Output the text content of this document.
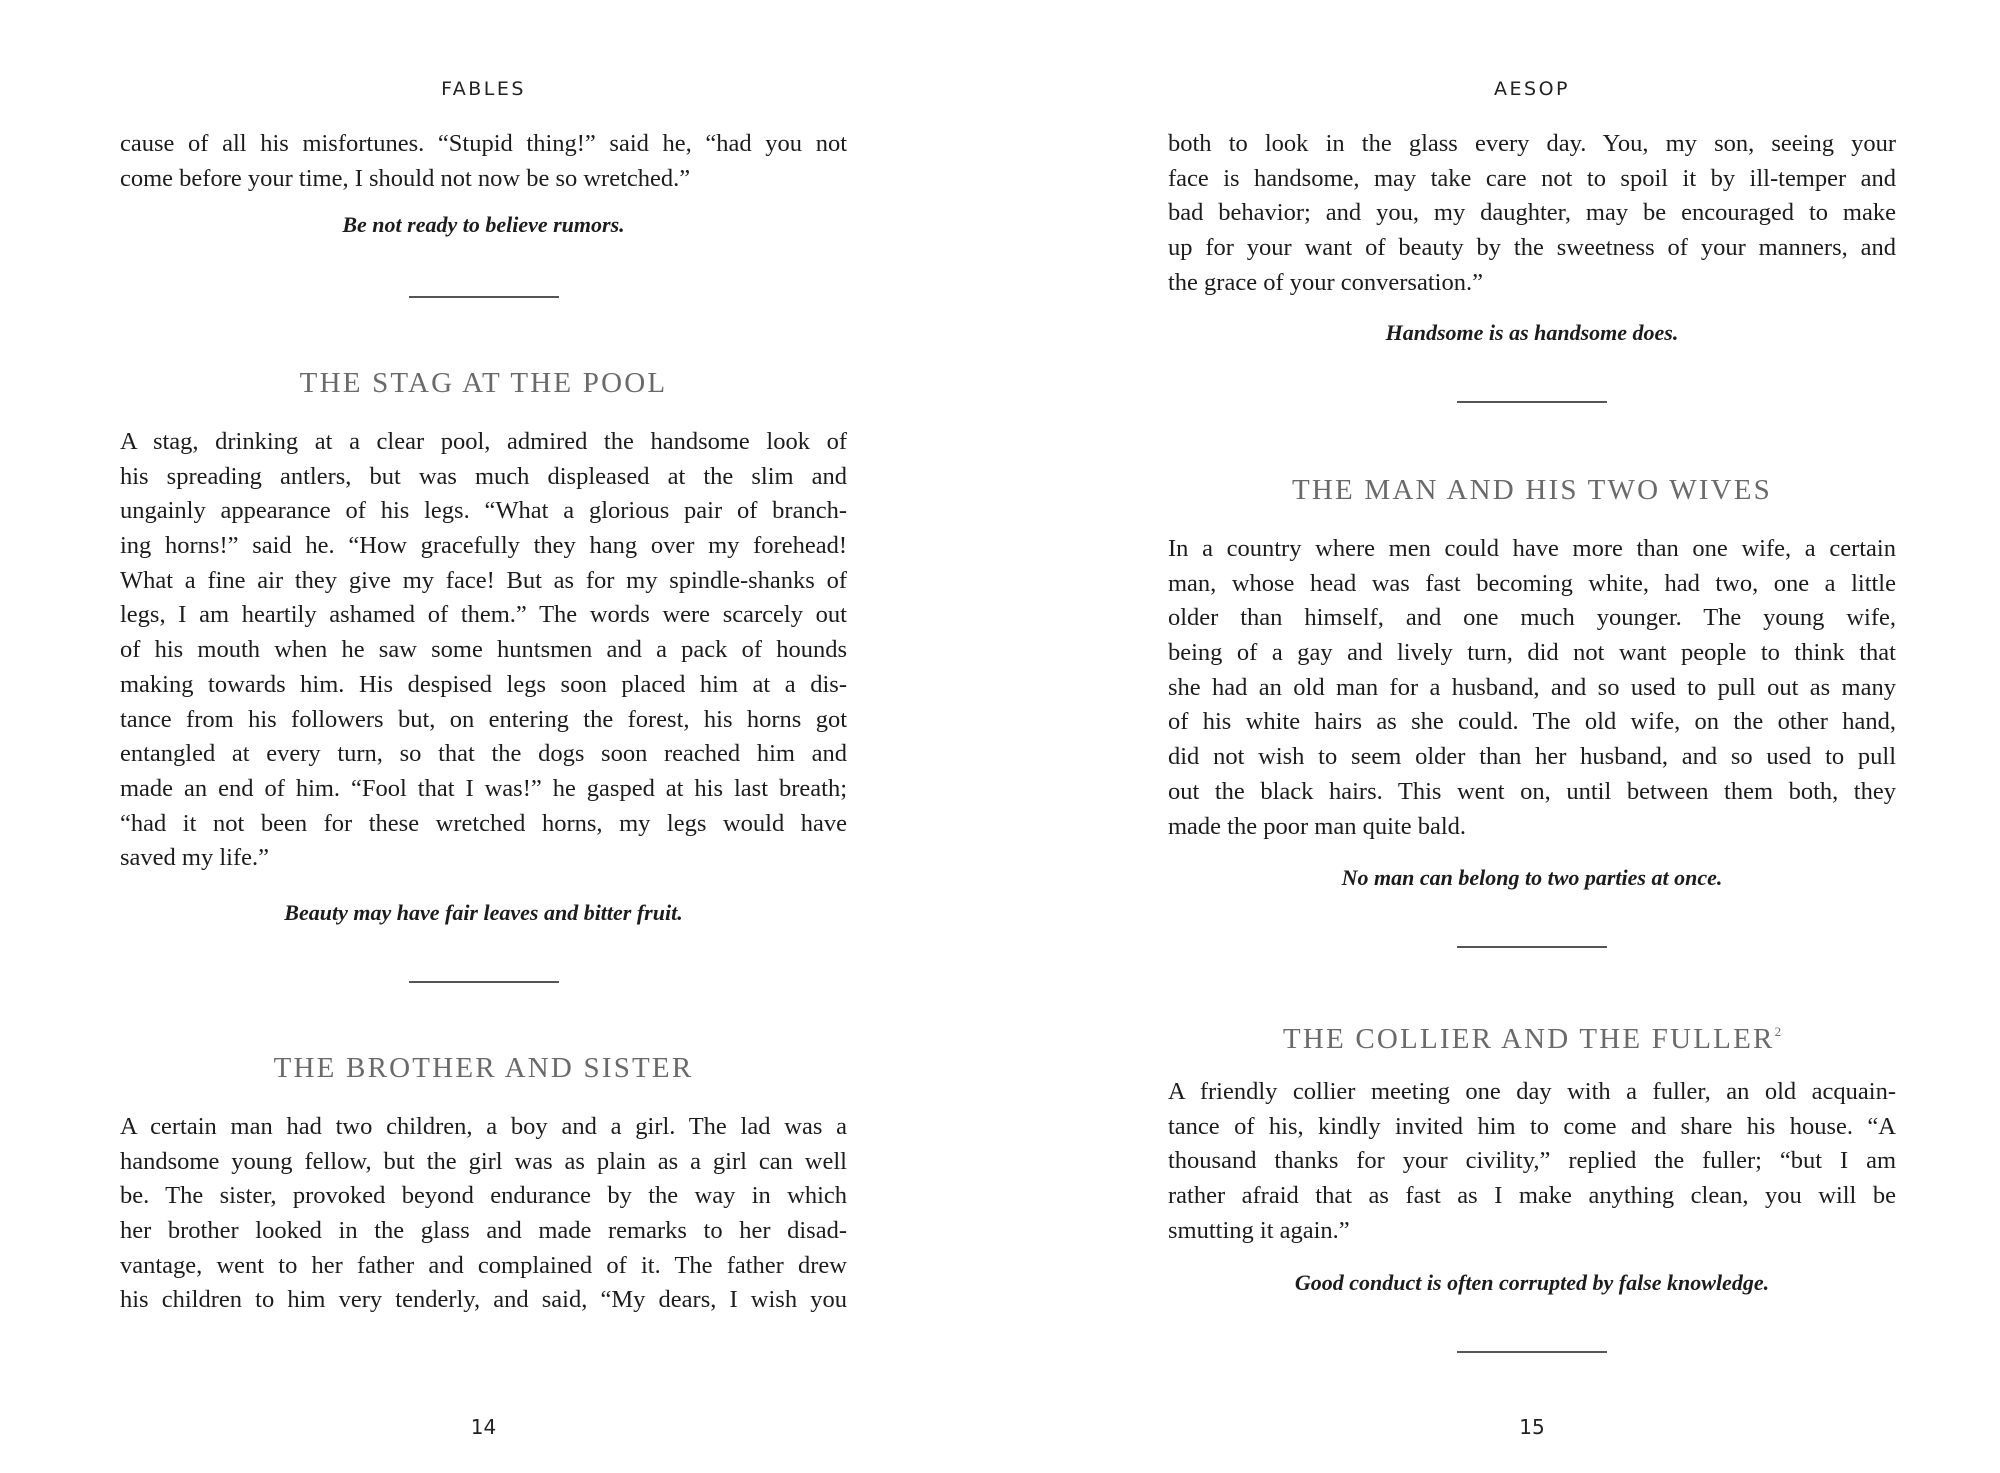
FABLES
cause of all his misfortunes. “Stupid thing!” said he, “had you not
come before your time, I should not now be so wretched.”
Be not ready to believe rumors.
THE STAG AT THE POOL
A stag, drinking at a clear pool, admired the handsome look of
his spreading antlers, but was much displeased at the slim and
ungainly appearance of his legs. “What a glorious pair of branch-
ing horns!” said he. “How gracefully they hang over my forehead!
What a fine air they give my face! But as for my spindle-shanks of
legs, I am heartily ashamed of them.” The words were scarcely out
of his mouth when he saw some huntsmen and a pack of hounds
making towards him. His despised legs soon placed him at a dis-
tance from his followers but, on entering the forest, his horns got
entangled at every turn, so that the dogs soon reached him and
made an end of him. “Fool that I was!” he gasped at his last breath;
“had it not been for these wretched horns, my legs would have
saved my life.”
Beauty may have fair leaves and bitter fruit.
THE BROTHER AND SISTER
A certain man had two children, a boy and a girl. The lad was a
handsome young fellow, but the girl was as plain as a girl can well
be. The sister, provoked beyond endurance by the way in which
her brother looked in the glass and made remarks to her disad-
vantage, went to her father and complained of it. The father drew
his children to him very tenderly, and said, “My dears, I wish you
14
AESOP
both to look in the glass every day. You, my son, seeing your
face is handsome, may take care not to spoil it by ill-temper and
bad behavior; and you, my daughter, may be encouraged to make
up for your want of beauty by the sweetness of your manners, and
the grace of your conversation.”
Handsome is as handsome does.
THE MAN AND HIS TWO WIVES
In a country where men could have more than one wife, a certain
man, whose head was fast becoming white, had two, one a little
older than himself, and one much younger. The young wife,
being of a gay and lively turn, did not want people to think that
she had an old man for a husband, and so used to pull out as many
of his white hairs as she could. The old wife, on the other hand,
did not wish to seem older than her husband, and so used to pull
out the black hairs. This went on, until between them both, they
made the poor man quite bald.
No man can belong to two parties at once.
THE COLLIER AND THE FULLER$^2$
A friendly collier meeting one day with a fuller, an old acquain-
tance of his, kindly invited him to come and share his house. “A
thousand thanks for your civility,” replied the fuller; “but I am
rather afraid that as fast as I make anything clean, you will be
smutting it again.”
Good conduct is often corrupted by false knowledge.
15
